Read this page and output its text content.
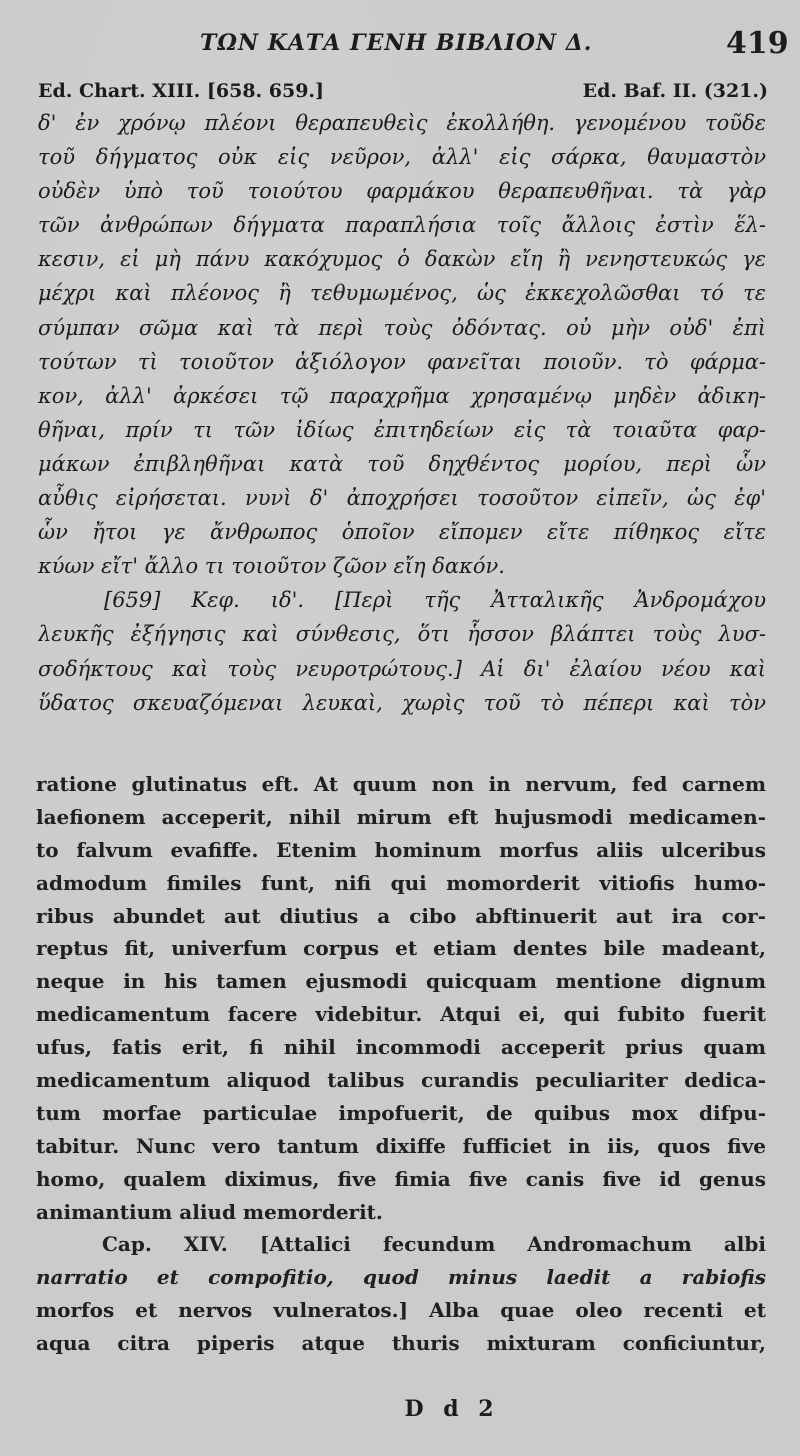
ΤΩΝ ΚΑΤΑ ΓΕΝΗ ΒΙΒΛΙΟΝ Δ.	419
Ed. Chart. XIII. [658. 659.]	Ed. Baf. II. (321.)
δ' ἐν χρόνῳ πλέονι θεραπευθεὶς ἐκολλήθη. γενομένου τοῦδε
τοῦ δήγματος οὐκ εἰς νεῦρον, ἀλλ' εἰς σάρκα, θαυμαστὸν
οὐδὲν ὑπὸ τοῦ τοιούτου φαρμάκου θεραπευθῆναι. τὰ γὰρ
τῶν ἀνθρώπων δήγματα παραπλήσια τοῖς ἄλλοις ἐστὶν ἕλ-
κεσιν, εἰ μὴ πάνυ κακόχυμος ὁ δακὼν εἴη ἢ νενηστευκώς γε
μέχρι καὶ πλέονος ἢ τεθυμωμένος, ὡς ἐκκεχολῶσθαι τό τε
σύμπαν σῶμα καὶ τὰ περὶ τοὺς ὀδόντας. οὐ μὴν οὐδ' ἐπὶ
τούτων τὶ τοιοῦτον ἀξιόλογον φανεῖται ποιοῦν. τὸ φάρμα-
κον, ἀλλ' ἀρκέσει τῷ παραχρῆμα χρησαμένῳ μηδὲν ἀδικη-
θῆναι, πρίν τι τῶν ἰδίως ἐπιτηδείων εἰς τὰ τοιαῦτα φαρ-
μάκων ἐπιβληθῆναι κατὰ τοῦ δηχθέντος μορίου, περὶ ὧν
αὖθις εἰρήσεται. νυνὶ δ' ἀποχρήσει τοσοῦτον εἰπεῖν, ὡς ἐφ'
ὧν ἤτοι γε ἄνθρωπος ὁποῖον εἴπομεν εἴτε πίθηκος εἴτε
κύων εἴτ' ἄλλο τι τοιοῦτον ζῶον εἴη δακόν.
[659] Κεφ. ιδ'. [Περὶ τῆς Ἀτταλικῆς Ἀνδρομάχου
λευκῆς ἐξήγησις καὶ σύνθεσις, ὅτι ἧσσον βλάπτει τοὺς λυσ-
σοδήκτους καὶ τοὺς νευροτρώτους.] Αἱ δι' ἐλαίου νέου καὶ
ὕδατος σκευαζόμεναι λευκαὶ, χωρὶς τοῦ τὸ πέπερι καὶ τὸν
ratione glutinatus eft. At quum non in nervum, fed carnem
laefionem acceperit, nihil mirum eft hujusmodi medicamen-
to falvum evafiffe. Etenim hominum morfus aliis ulceribus
admodum fimiles funt, nifi qui momorderit vitiofis humo-
ribus abundet aut diutius a cibo abftinuerit aut ira cor-
reptus fit, univerfum corpus et etiam dentes bile madeant,
neque in his tamen ejusmodi quicquam mentione dignum
medicamentum facere videbitur. Atqui ei, qui fubito fuerit
ufus, fatis erit, fi nihil incommodi acceperit prius quam
medicamentum aliquod talibus curandis peculiariter dedica-
tum morfae particulae impofuerit, de quibus mox difpu-
tabitur. Nunc vero tantum dixiffe fufficiet in iis, quos five
homo, qualem diximus, five fimia five canis five id genus
animantium aliud memorderit.
Cap. XIV. [Attalici fecundum Andromachum albi
narratio et compofitio, quod minus laedit a rabiofis
morfos et nervos vulneratos.] Alba quae oleo recenti et
aqua citra piperis atque thuris mixturam conficiuntur,
D d 2
